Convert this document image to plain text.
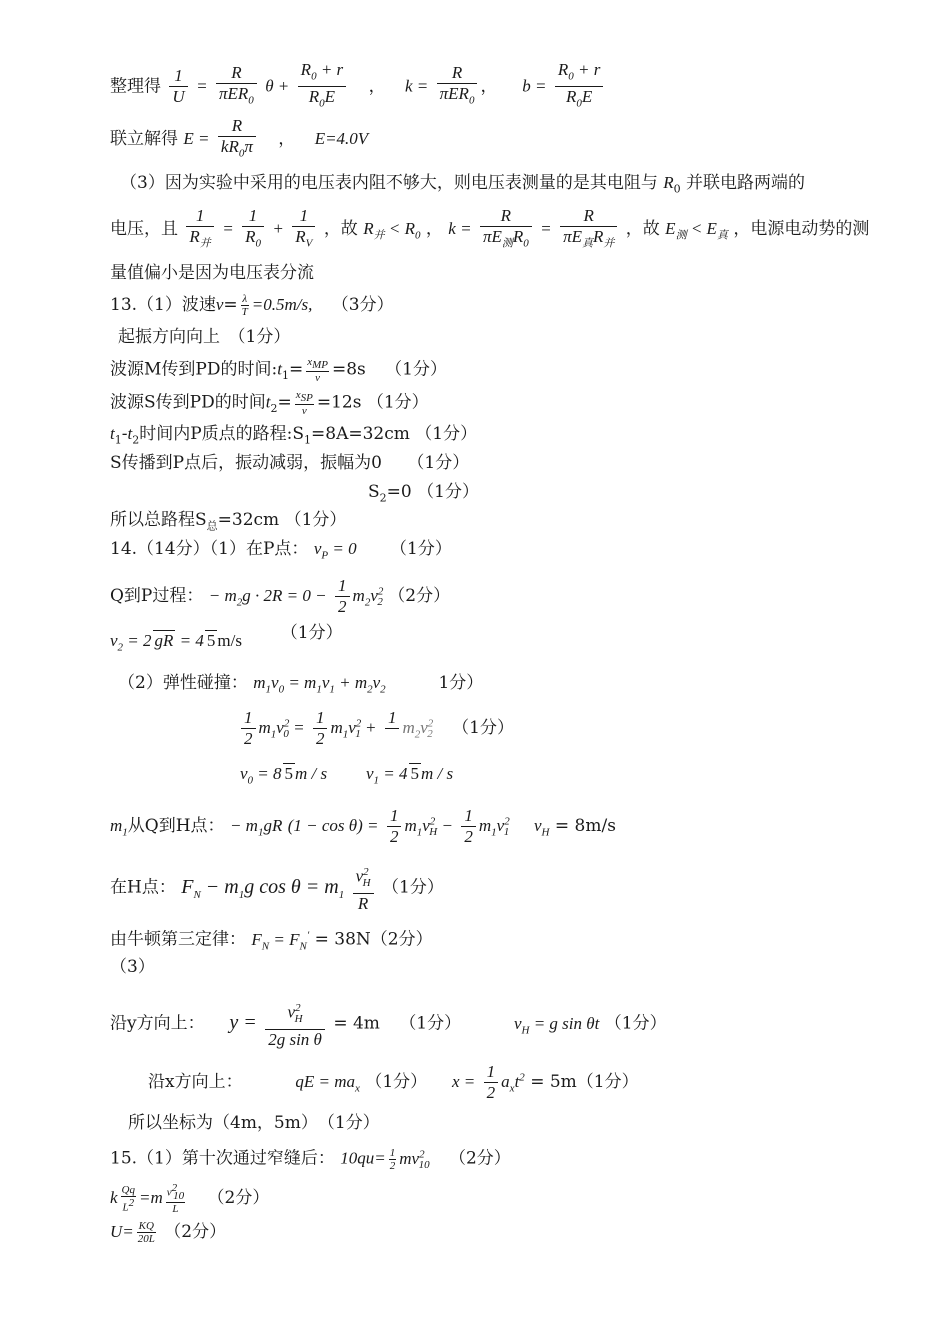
整理得 $\frac{1}{U} = \frac{R}{\pi ER_0}$ $\theta + \frac{R_0 + r}{R_0E}$ ， $k = \frac{R}{\pi ER_0}$ ，  $b = \frac{R_0 + r}{R_0E}$
联立解得 $E = \frac{R}{kR_0\pi}$ ， E=4.0V
（3）因为实验中采用的电压表内阻不够大，则电压表测量的是其电阻与 $R_0$ 并联电路两端的
电压，且 $\frac{1}{R_并} = \frac{1}{R_0} + \frac{1}{R_V}$ ，故 $R_并 < R_0$ ， $k = \frac{R}{\pi E_测R_0} = \frac{R}{\pi E_真R_并}$ ，故 $E_测 < E_真$ ，电源电动势的测
量值偏小是因为电压表分流
13.（1）波速$v= \frac{\lambda}{T} =0.5m/s$, （3分）
起振方向向上　（1分）
波源M传到PD的时间$:t_1= \frac{x_{MP}}{v} =8s$ （1分）
波源S传到PD的时间$t_2= \frac{x_{SP}}{v} =12s$ （1分）
$t_1-t_2$时间内P质点的路程$:S_1=8A=32cm$ （1分）
S传播到P点后，振动减弱，振幅为0　　（1分）
$S_2=0$ （1分）
所以总路程$S_总=32cm$ （1分）
14.（14分）（1）在P点： $v_P = 0$ （1分）
Q到P过程： − $m_2g \cdot 2R = 0 - \frac{1}{2} m_2v^2_2$ （2分）
$v_2 = 2$ gR = 4 5 m/s （1分）
（2）弹性碰撞： $m_1v_0 = m_1v_1 + m_2v_2$	1分）
$\frac{1}{2} m_1v^2_0 = \frac{1}{2} m_1v^2_1$ +
1

$m_2v^2_2$ （1分）
$v_0 = 8$ 5 m / s $v_1 = 4$ 5 m / s
$m_1$从Q到H点： − $m_1gR$ $(1 - \cos \theta) = \frac{1}{2} m_1v^2_H - \frac{1}{2} m_1v^2_1$ $v_H = 8m/s$
在H点： $F_N - m_1g$ $\cos \theta = m_1 \frac{v^2_H}{R} (1$分）
由牛顿第三定律： $F_N = F_N' = 38N(2$分）
（3）
沿y方向上： $y = \frac{v^2_H}{\text{2g sin θ}} = 4m$ （1分）	$v_H = g$ sin θt （1分）
沿x方向上：	qE = $ma_x$ （1分） $x = \frac{1}{2} a_xt^2 = 5m(1$分）
所以坐标为（4m，5m）　（1分）
15.（1）第十次通过窄缝后： $10qu= \frac{1}{2} mv^2_{10}$ （2分）
k $\frac{Qq}{L^2} =m \frac{v^2_{10}}{L} (2$分）
$U= \frac{KQ}{20L} (2$分）
